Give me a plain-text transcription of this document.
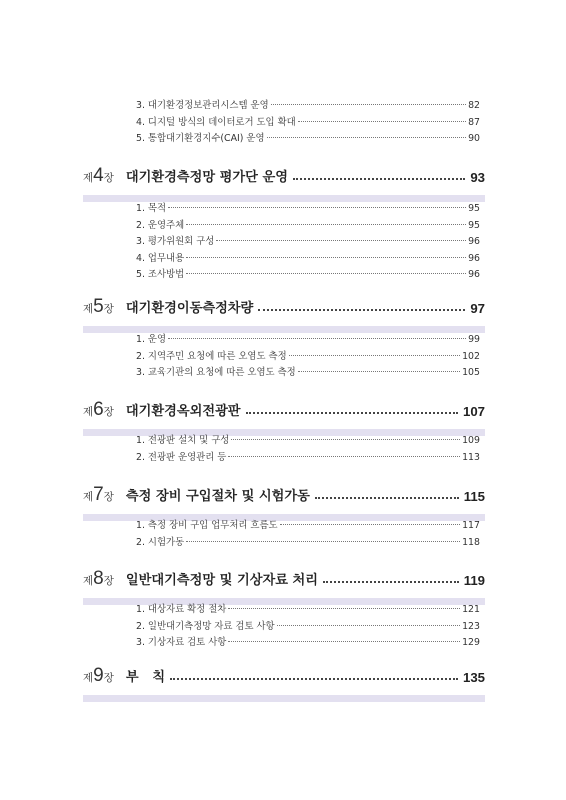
3. 대기환경정보관리시스템 운영	82
4. 디지털 방식의 데이터로거 도입 확대	87
5. 통합대기환경지수(CAI) 운영	90
제 4 장 대기환경측정망 평가단 운영	93
1. 목적	95
2. 운영주체	95
3. 평가위원회 구성	96
4. 업무내용	96
5. 조사방법	96
제 5 장 대기환경이동측정차량	97
1. 운영	99
2. 지역주민 요청에 따른 오염도 측정	102
3. 교육기관의 요청에 따른 오염도 측정	105
제 6 장 대기환경옥외전광판	107
1. 전광판 설치 및 구성	109
2. 전광판 운영관리 등	113
제 7 장 측정 장비 구입절차 및 시험가동	115
1. 측정 장비 구입 업무처리 흐름도	117
2. 시험가동	118
제 8 장 일반대기측정망 및 기상자료 처리	119
1. 대상자료 확정 절차	121
2. 일반대기측정망 자료 검토 사항	123
3. 기상자료 검토 사항	129
제 9 장 부   칙	135
